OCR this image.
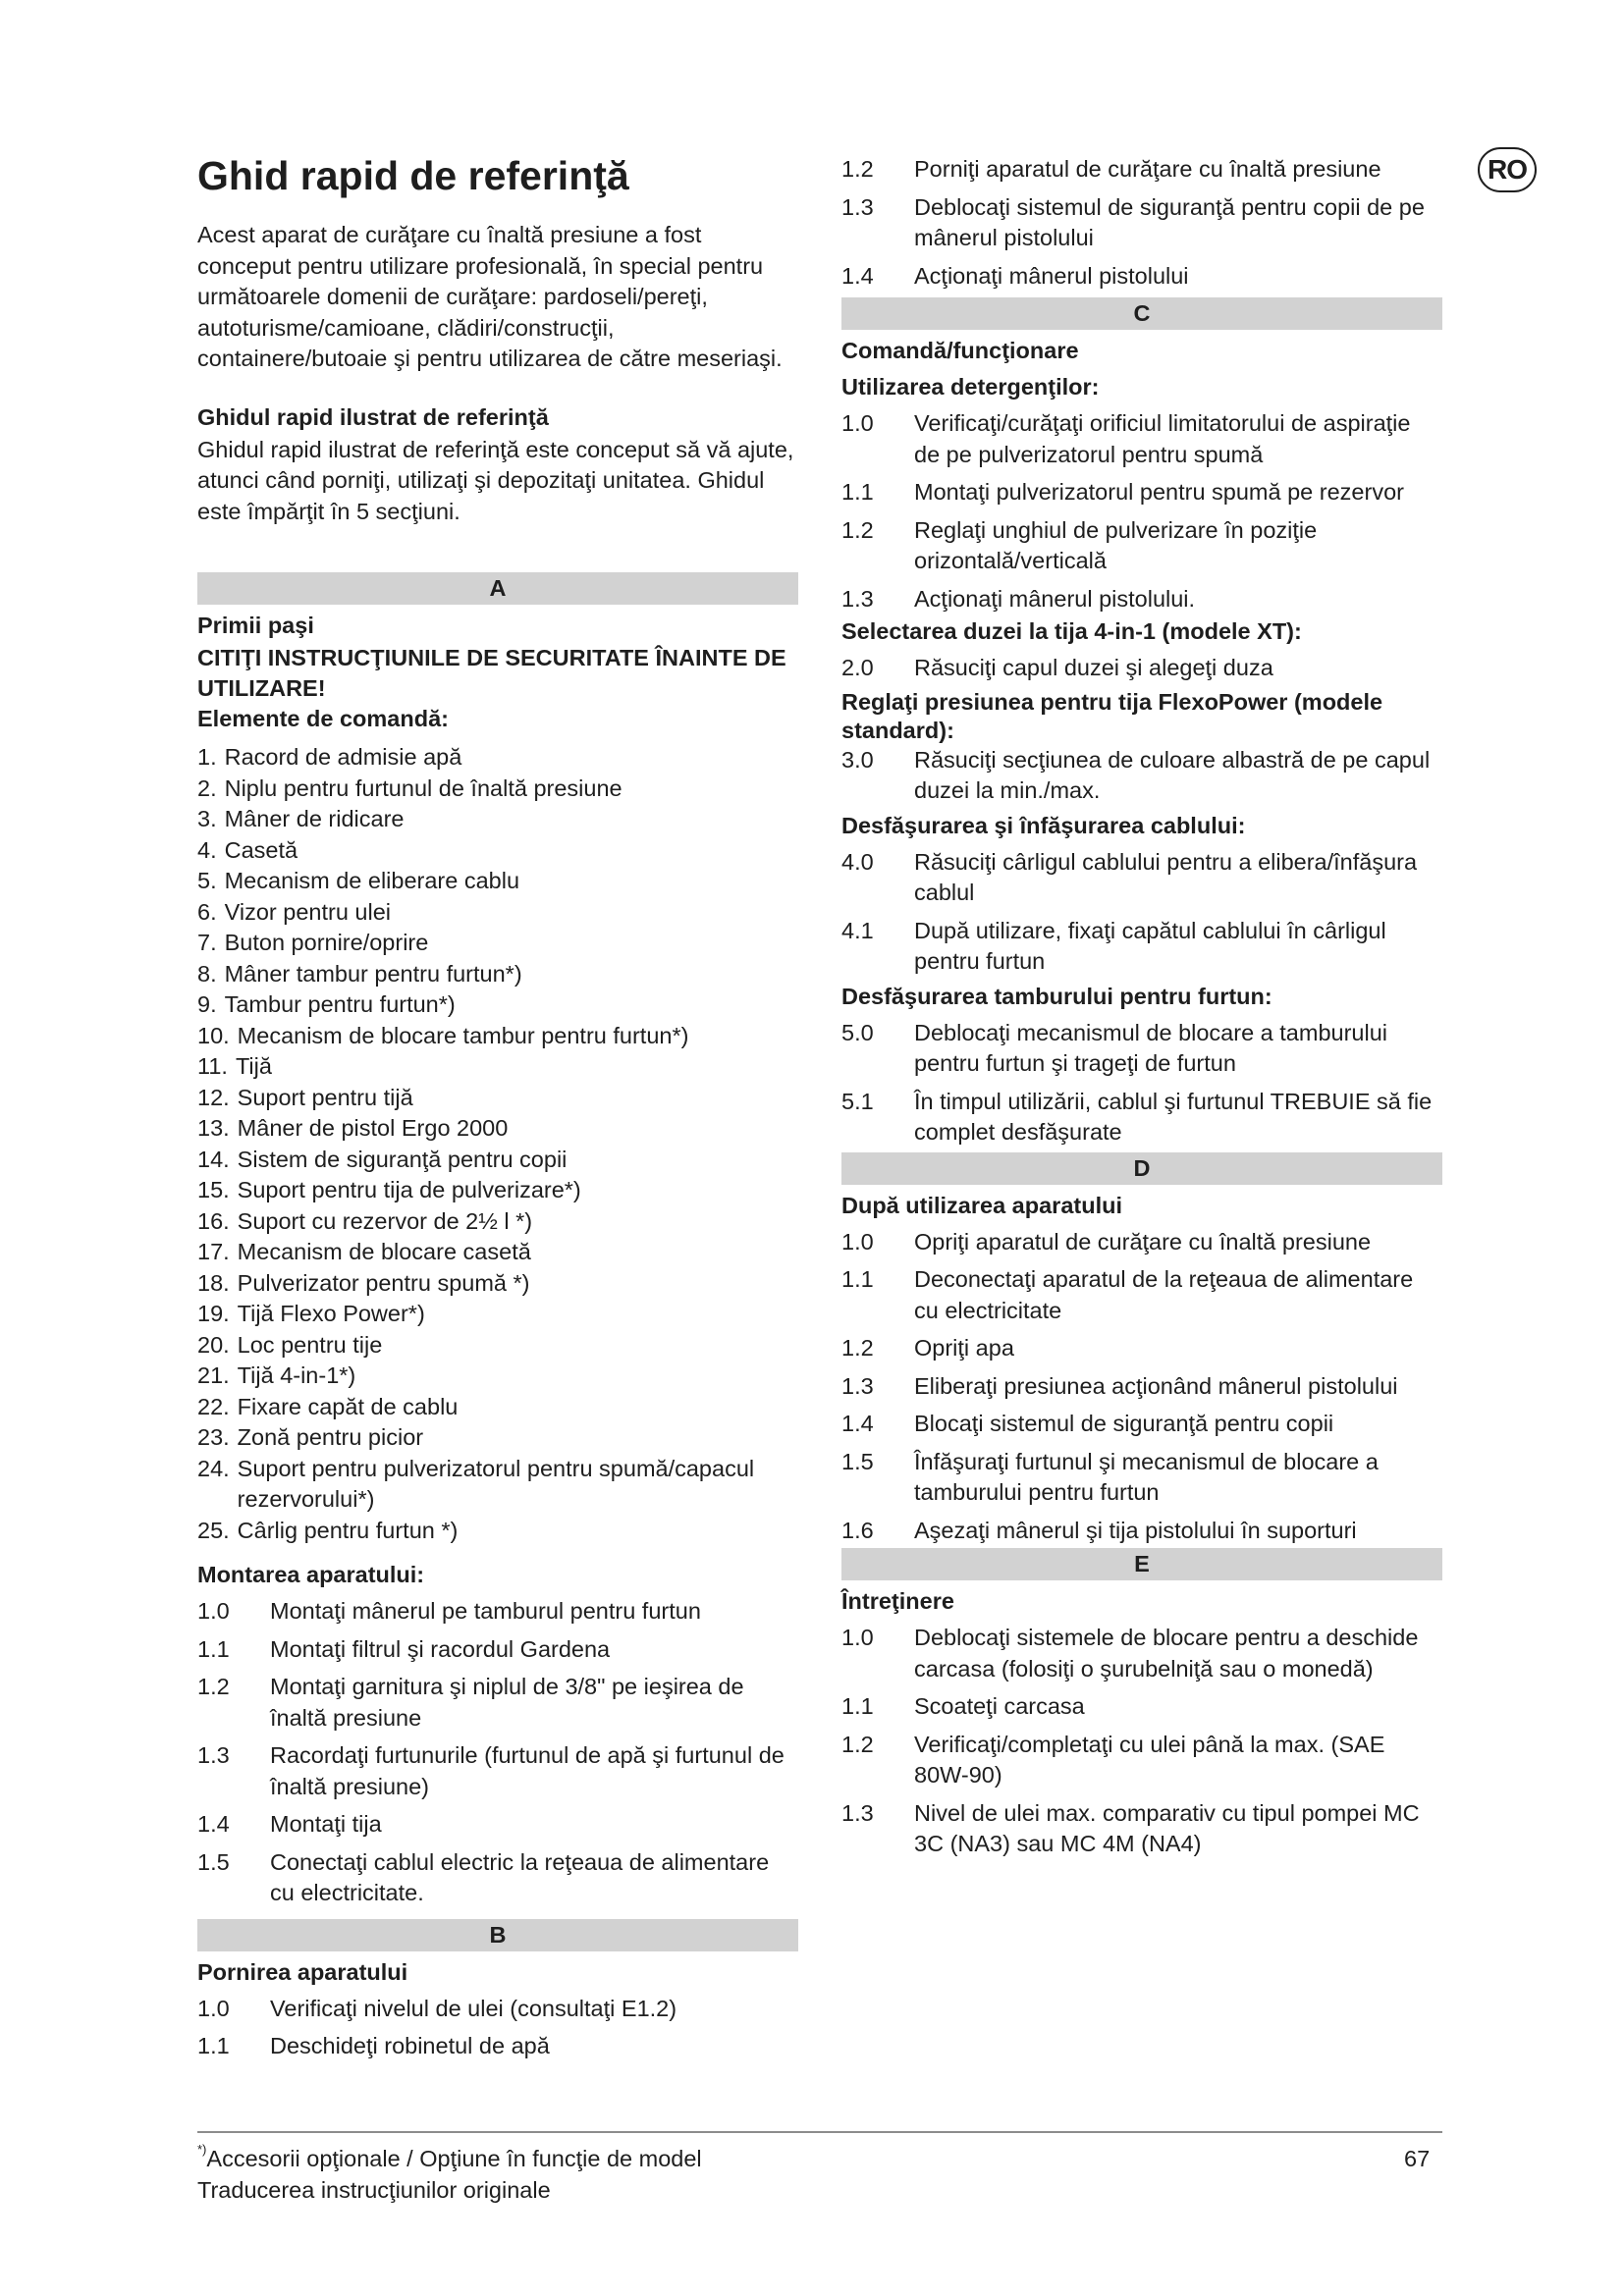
RO
Ghid rapid de referinţă

Acest aparat de curăţare cu înaltă presiune a fost conceput pentru utilizare profesională, în special pentru următoarele domenii de curăţare: pardoseli/pereţi, autoturisme/camioane, clădiri/construcţii, containere/butoaie şi pentru utilizarea de către meseriaşi.

Ghidul rapid ilustrat de referinţă

Ghidul rapid ilustrat de referinţă este conceput să vă ajute, atunci când porniţi, utilizaţi şi depozitaţi unitatea. Ghidul este împărţit în 5 secţiuni.

A
Primii paşi
CITIŢI INSTRUCŢIUNILE DE SECURITATE ÎNAINTE DE UTILIZARE!
Elemente de comandă:
1. Racord de admisie apă
2. Niplu pentru furtunul de înaltă presiune
3. Mâner de ridicare
4. Casetă
5. Mecanism de eliberare cablu
6. Vizor pentru ulei
7. Buton pornire/oprire
8. Mâner tambur pentru furtun*)
9. Tambur pentru furtun*)
10. Mecanism de blocare tambur pentru furtun*)
11. Tijă
12. Suport pentru tijă
13. Mâner de pistol Ergo 2000
14. Sistem de siguranţă pentru copii
15. Suport pentru tija de pulverizare*)
16. Suport cu rezervor de 2½ l *)
17. Mecanism de blocare casetă
18. Pulverizator pentru spumă *)
19. Tijă Flexo Power*)
20. Loc pentru tije
21. Tijă 4-in-1*)
22. Fixare capăt de cablu
23. Zonă pentru picior
24. Suport pentru pulverizatorul pentru spumă/capacul rezervorului*)
25. Cârlig pentru furtun *)
Montarea aparatului:
1.0	Montaţi mânerul pe tamburul pentru furtun
1.1	Montaţi filtrul şi racordul Gardena
1.2	Montaţi garnitura şi niplul de 3/8" pe ieşirea de înaltă presiune
1.3	Racordaţi furtunurile (furtunul de apă şi furtunul de înaltă presiune)
1.4	Montaţi tija
1.5	Conectaţi cablul electric la reţeaua de alimentare cu electricitate.
B
Pornirea aparatului
1.0	Verificaţi nivelul de ulei (consultaţi E1.2)
1.1	Deschideţi robinetul de apă
1.2	Porniţi aparatul de curăţare cu înaltă presiune
1.3	Deblocaţi sistemul de siguranţă pentru copii de pe mânerul pistolului
1.4	Acţionaţi mânerul pistolului
C
Comandă/funcţionare
Utilizarea detergenţilor:
1.0	Verificaţi/curăţaţi orificiul limitatorului de aspiraţie de pe pulverizatorul pentru spumă
1.1	Montaţi pulverizatorul pentru spumă pe rezervor
1.2	Reglaţi unghiul de pulverizare în poziţie orizontală/verticală
1.3	Acţionaţi mânerul pistolului.
Selectarea duzei la tija 4-in-1 (modele XT):
2.0	Răsuciţi capul duzei şi alegeţi duza
Reglaţi presiunea pentru tija FlexoPower (modele standard):
3.0	Răsuciţi secţiunea de culoare albastră de pe capul duzei la min./max.
Desfăşurarea şi înfăşurarea cablului:
4.0	Răsuciţi cârligul cablului pentru a elibera/înfăşura cablul
4.1	După utilizare, fixaţi capătul cablului în cârligul pentru furtun
Desfăşurarea tamburului pentru furtun:
5.0	Deblocaţi mecanismul de blocare a tamburului pentru furtun şi trageţi de furtun
5.1	În timpul utilizării, cablul şi furtunul TREBUIE să fie complet desfăşurate
D
După utilizarea aparatului
1.0	Opriţi aparatul de curăţare cu înaltă presiune
1.1	Deconectaţi aparatul de la reţeaua de alimentare cu electricitate
1.2	Opriţi apa
1.3	Eliberaţi presiunea acţionând mânerul pistolului
1.4	Blocaţi sistemul de siguranţă pentru copii
1.5	Înfăşuraţi furtunul şi mecanismul de blocare a tamburului pentru furtun
1.6	Aşezaţi mânerul şi tija pistolului în suporturi
E
Întreţinere
1.0	Deblocaţi sistemele de blocare pentru a deschide carcasa (folosiţi o şurubelniţă sau o monedă)
1.1	Scoateţi carcasa
1.2	Verificaţi/completaţi cu ulei până la max. (SAE 80W-90)
1.3	Nivel de ulei max. comparativ cu tipul pompei MC 3C (NA3) sau MC 4M (NA4)
*)Accesorii opţionale / Opţiune în funcţie de model
Traducerea instrucţiunilor originale
67
